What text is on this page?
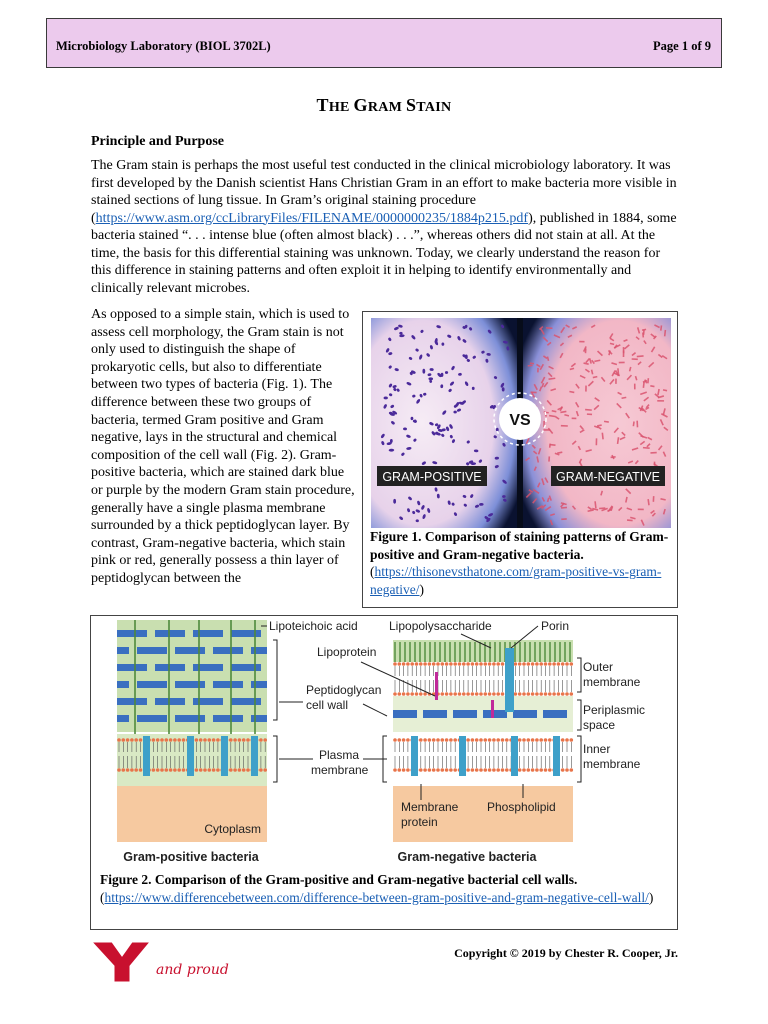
Microbiology Laboratory (BIOL 3702L)	Page 1 of 9
THE GRAM STAIN
Principle and Purpose
The Gram stain is perhaps the most useful test conducted in the clinical microbiology laboratory. It was first developed by the Danish scientist Hans Christian Gram in an effort to make bacteria more visible in stained sections of lung tissue. In Gram’s original staining procedure (https://www.asm.org/ccLibraryFiles/FILENAME/0000000235/1884p215.pdf), published in 1884, some bacteria stained “. . . intense blue (often almost black) . . .”, whereas others did not stain at all. At the time, the basis for this differential staining was unknown. Today, we clearly understand the reason for this difference in staining patterns and often exploit it in helping to identify environmentally and clinically relevant microbes.
As opposed to a simple stain, which is used to assess cell morphology, the Gram stain is not only used to distinguish the shape of prokaryotic cells, but also to differentiate between two types of bacteria (Fig. 1). The difference between these two groups of bacteria, termed Gram positive and Gram negative, lays in the structural and chemical composition of the cell wall (Fig. 2). Gram-positive bacteria, which are stained dark blue or purple by the modern Gram stain procedure, generally have a single plasma membrane surrounded by a thick peptidoglycan layer. By contrast, Gram-negative bacteria, which stain pink or red, generally possess a thin layer of peptidoglycan between the
VS
GRAM-POSITIVE	GRAM-NEGATIVE
Figure 1. Comparison of staining patterns of Gram-positive and Gram-negative bacteria.
(https://thisonevsthatone.com/gram-positive-vs-gram-negative/)
Cytoplasm
Lipoteichoic acid
Lipoprotein
Peptidoglycan
cell wall
Plasma
membrane
Lipopolysaccharide	Porin
Outer
membrane
Periplasmic
space
Inner
membrane
Membrane
protein
Phospholipid
Gram-positive bacteria	Gram-negative bacteria
Figure 2. Comparison of the Gram-positive and Gram-negative bacterial cell walls.
(https://www.differencebetween.com/difference-between-gram-positive-and-gram-negative-cell-wall/)
and proud.
Copyright © 2019 by Chester R. Cooper, Jr.
